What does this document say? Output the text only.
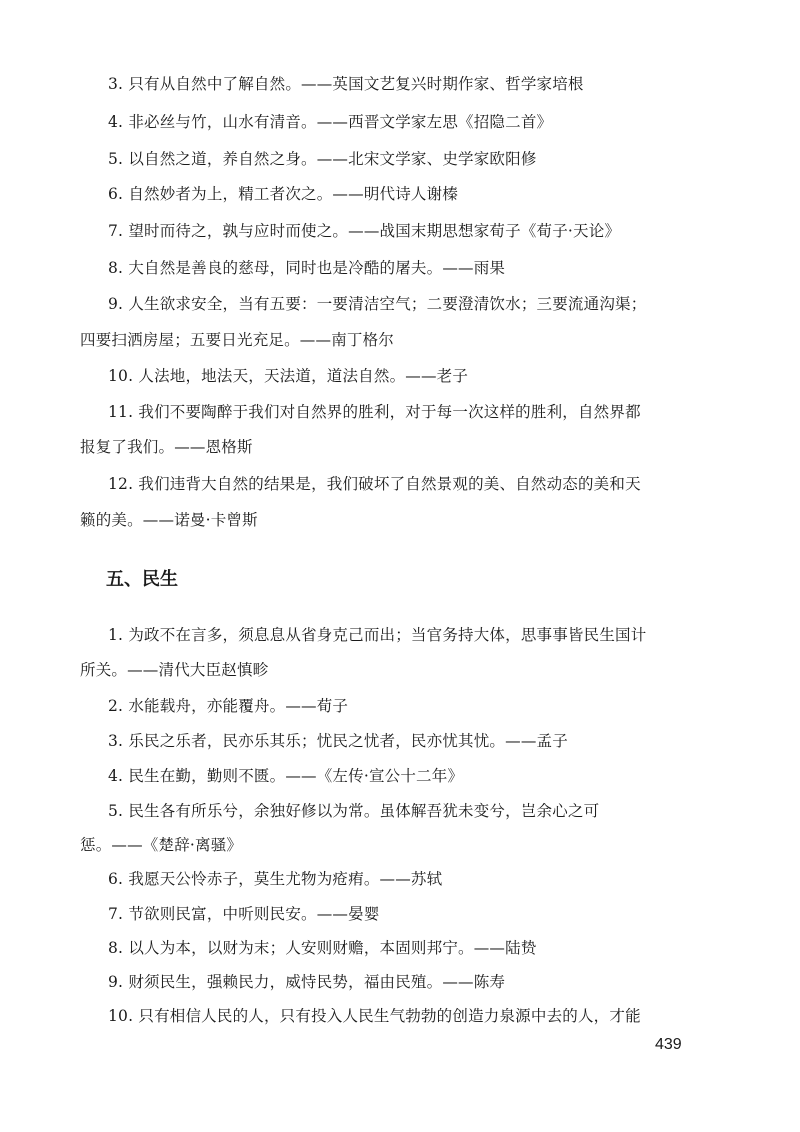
3. 只有从自然中了解自然。——英国文艺复兴时期作家、哲学家培根
4. 非必丝与竹，山水有清音。——西晋文学家左思《招隐二首》
5. 以自然之道，养自然之身。——北宋文学家、史学家欧阳修
6. 自然妙者为上，精工者次之。——明代诗人谢榛
7. 望时而待之，孰与应时而使之。——战国末期思想家荀子《荀子·天论》
8. 大自然是善良的慈母，同时也是冷酷的屠夫。——雨果
9. 人生欲求安全，当有五要：一要清洁空气；二要澄清饮水；三要流通沟渠；
四要扫洒房屋；五要日光充足。——南丁格尔
10. 人法地，地法天，天法道，道法自然。——老子
11. 我们不要陶醉于我们对自然界的胜利，对于每一次这样的胜利，自然界都
报复了我们。——恩格斯
12. 我们违背大自然的结果是，我们破坏了自然景观的美、自然动态的美和天
籁的美。——诺曼·卡曾斯
五、民生
1. 为政不在言多，须息息从省身克己而出；当官务持大体，思事事皆民生国计
所关。——清代大臣赵慎畛
2. 水能载舟，亦能覆舟。——荀子
3. 乐民之乐者，民亦乐其乐；忧民之忧者，民亦忧其忧。——孟子
4. 民生在勤，勤则不匮。——《左传·宣公十二年》
5. 民生各有所乐兮，余独好修以为常。虽体解吾犹未变兮，岂余心之可
惩。——《楚辞·离骚》
6. 我愿天公怜赤子，莫生尤物为疮痏。——苏轼
7. 节欲则民富，中听则民安。——晏婴
8. 以人为本，以财为末；人安则财赡，本固则邦宁。——陆贽
9. 财须民生，强赖民力，威恃民势，福由民殖。——陈寿
10. 只有相信人民的人，只有投入人民生气勃勃的创造力泉源中去的人，才能
439
